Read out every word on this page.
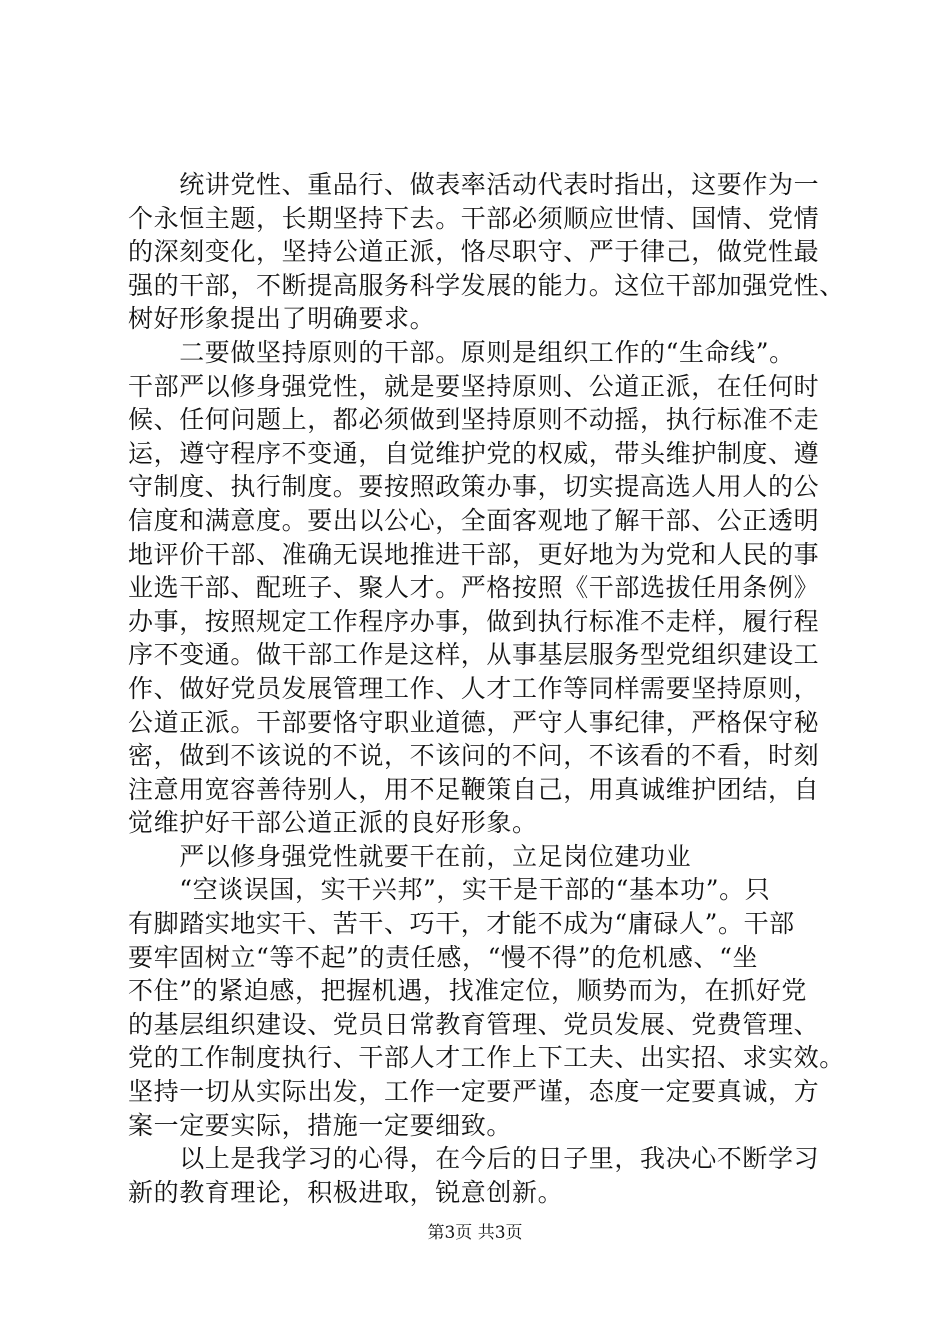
　　统讲党性、重品行、做表率活动代表时指出，这要作为一
个永恒主题，长期坚持下去。干部必须顺应世情、国情、党情
的深刻变化，坚持公道正派，恪尽职守、严于律己，做党性最
强的干部，不断提高服务科学发展的能力。这位干部加强党性、
树好形象提出了明确要求。
　　二要做坚持原则的干部。原则是组织工作的“生命线”。
干部严以修身强党性，就是要坚持原则、公道正派，在任何时
候、任何问题上，都必须做到坚持原则不动摇，执行标准不走
运，遵守程序不变通，自觉维护党的权威，带头维护制度、遵
守制度、执行制度。要按照政策办事，切实提高选人用人的公
信度和满意度。要出以公心，全面客观地了解干部、公正透明
地评价干部、准确无误地推进干部，更好地为为党和人民的事
业选干部、配班子、聚人才。严格按照《干部选拔任用条例》
办事，按照规定工作程序办事，做到执行标准不走样，履行程
序不变通。做干部工作是这样，从事基层服务型党组织建设工
作、做好党员发展管理工作、人才工作等同样需要坚持原则，
公道正派。干部要恪守职业道德，严守人事纪律，严格保守秘
密，做到不该说的不说，不该问的不问，不该看的不看，时刻
注意用宽容善待别人，用不足鞭策自己，用真诚维护团结，自
觉维护好干部公道正派的良好形象。
　　严以修身强党性就要干在前，立足岗位建功业
　　“空谈误国，实干兴邦”，实干是干部的“基本功”。只
有脚踏实地实干、苦干、巧干，才能不成为“庸碌人”。干部
要牢固树立“等不起”的责任感，“慢不得”的危机感、“坐
不住”的紧迫感，把握机遇，找准定位，顺势而为，在抓好党
的基层组织建设、党员日常教育管理、党员发展、党费管理、
党的工作制度执行、干部人才工作上下工夫、出实招、求实效。
坚持一切从实际出发，工作一定要严谨，态度一定要真诚，方
案一定要实际，措施一定要细致。
　　以上是我学习的心得，在今后的日子里，我决心不断学习
新的教育理论，积极进取，锐意创新。
第3页 共3页
